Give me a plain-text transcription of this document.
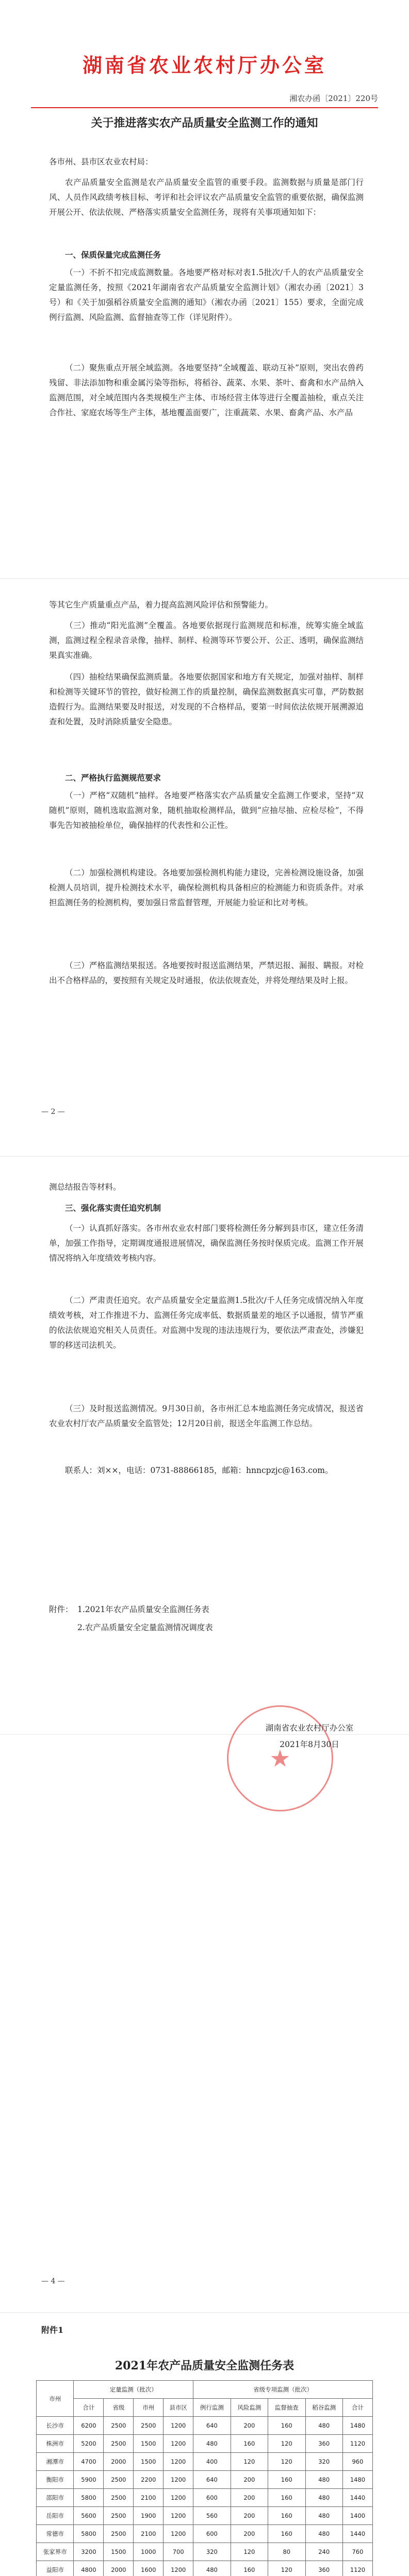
湖南省农业农村厅办公室
湘农办函〔2021〕220号
关于推进落实农产品质量安全监测工作的通知
各市州、县市区农业农村局：
农产品质量安全监测是农产品质量安全监管的重要手段。监测数据与质量是部门行风、人员作风政绩考核目标、考评和社会评议农产品质量安全监管的重要依据，确保监测开展公开、依法依规、严格落实质量安全监测任务，现将有关事项通知如下：
一、保质保量完成监测任务
（一）不折不扣完成监测数量。各地要严格对标对表1.5批次/千人的农产品质量安全定量监测任务，按照《2021年湖南省农产品质量安全监测计划》（湘农办函〔2021〕3号）和《关于加强稻谷质量安全监测的通知》（湘农办函〔2021〕155）要求，全面完成例行监测、风险监测、监督抽查等工作（详见附件）。
（二）聚焦重点开展全域监测。各地要坚持“全域覆盖、联动互补”原则，突出农兽药残留、非法添加物和重金属污染等指标，将稻谷、蔬菜、水果、茶叶、畜禽和水产品纳入监测范围，对全域范围内各类规模生产主体、市场经营主体等进行全覆盖抽检，重点关注合作社、家庭农场等生产主体，基地覆盖面要广，注重蔬菜、水果、畜禽产品、水产品
等其它生产质量重点产品，着力提高监测风险评估和预警能力。
（三）推动“阳光监测”全覆盖。各地要依据现行监测规范和标准，统筹实施全域监测，监测过程全程录音录像，抽样、制样、检测等环节要公开、公正、透明，确保监测结果真实准确。
（四）抽检结果确保监测质量。各地要依据国家和地方有关规定，加强对抽样、制样和检测等关键环节的管控，做好检测工作的质量控制，确保监测数据真实可靠，严防数据造假行为。监测结果要及时报送，对发现的不合格样品，要第一时间依法依规开展溯源追查和处置，及时消除质量安全隐患。
二、严格执行监测规范要求
（一）严格“双随机”抽样。各地要严格落实农产品质量安全监测工作要求，坚持“双随机”原则，随机选取监测对象，随机抽取检测样品，做到“应抽尽抽、应检尽检”，不得事先告知被抽检单位，确保抽样的代表性和公正性。
（二）加强检测机构建设。各地要加强检测机构能力建设，完善检测设施设备，加强检测人员培训，提升检测技术水平，确保检测机构具备相应的检测能力和资质条件。对承担监测任务的检测机构，要加强日常监督管理，开展能力验证和比对考核。
（三）严格监测结果报送。各地要按时报送监测结果，严禁迟报、漏报、瞒报。对检出不合格样品的，要按照有关规定及时通报，依法依规查处，并将处理结果及时上报。
— 2 —
测总结报告等材料。
三、强化落实责任追究机制
（一）认真抓好落实。各市州农业农村部门要将检测任务分解到县市区，建立任务清单，加强工作指导，定期调度通报进展情况，确保监测任务按时保质完成。监测工作开展情况将纳入年度绩效考核内容。
（二）严肃责任追究。农产品质量安全定量监测1.5批次/千人任务完成情况纳入年度绩效考核，对工作推进不力、监测任务完成率低、数据质量差的地区予以通报，情节严重的依法依规追究相关人员责任。对监测中发现的违法违规行为，要依法严肃查处，涉嫌犯罪的移送司法机关。
（三）及时报送监测情况。9月30日前，各市州汇总本地监测任务完成情况，报送省农业农村厅农产品质量安全监管处；12月20日前，报送全年监测工作总结。
联系人：刘××，电话：0731-88866185，邮箱：hnncpzjc@163.com。
附件： 1.2021年农产品质量安全监测任务表
2.农产品质量安全定量监测情况调度表
★
湖南省农业农村厅办公室
2021年8月30日
— 4 —
附件1
2021年农产品质量安全监测任务表
市州	定量监测（批次）				省级专项监测（批次）				
	合计	省级	市州	县市区	例行监测	风险监测	监督抽查	稻谷监测	合计
长沙市	6200	2500	2500	1200	640	200	160	480	1480
株洲市	5200	2500	1500	1200	480	160	120	360	1120
湘潭市	4700	2000	1500	1200	400	120	120	320	960
衡阳市	5900	2500	2200	1200	640	200	160	480	1480
邵阳市	5800	2500	2100	1200	600	200	160	480	1440
岳阳市	5600	2500	1900	1200	560	200	160	480	1400
常德市	5800	2500	2100	1200	600	200	160	480	1440
张家界市	3200	1500	1000	700	320	120	80	240	760
益阳市	4800	2000	1600	1200	480	160	120	360	1120
